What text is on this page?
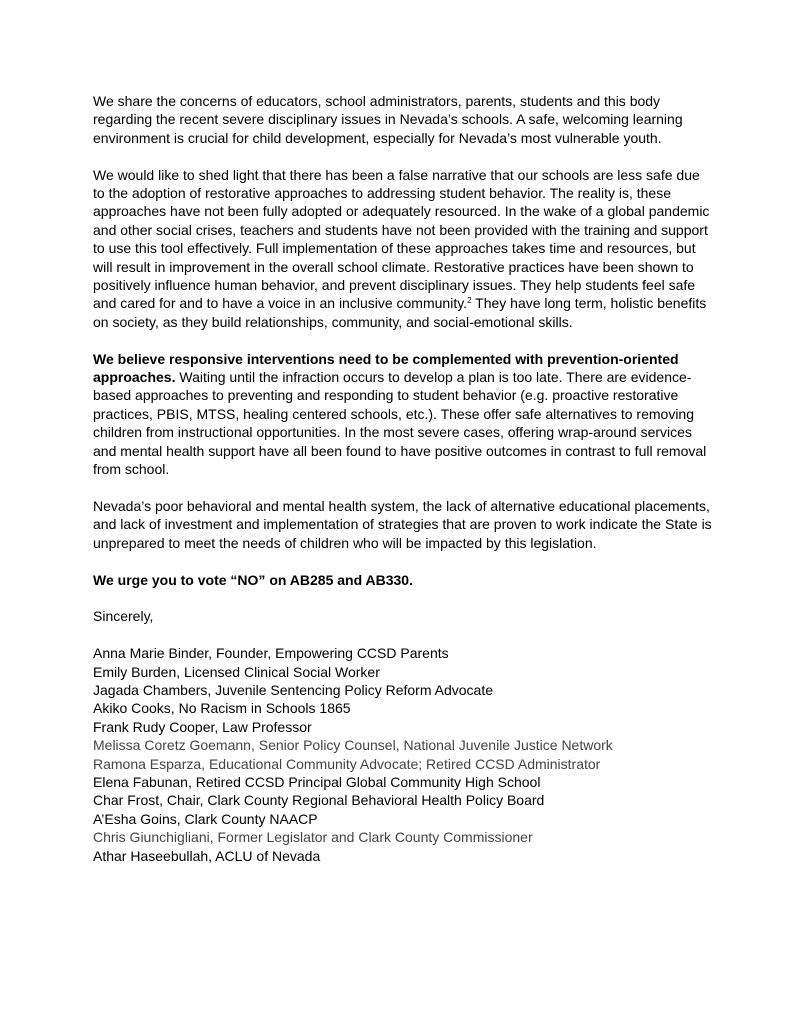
We share the concerns of educators, school administrators, parents, students and this body regarding the recent severe disciplinary issues in Nevada’s schools. A safe, welcoming learning environment is crucial for child development, especially for Nevada’s most vulnerable youth.

We would like to shed light that there has been a false narrative that our schools are less safe due to the adoption of restorative approaches to addressing student behavior. The reality is, these approaches have not been fully adopted or adequately resourced. In the wake of a global pandemic and other social crises, teachers and students have not been provided with the training and support to use this tool effectively. Full implementation of these approaches takes time and resources, but will result in improvement in the overall school climate. Restorative practices have been shown to positively influence human behavior, and prevent disciplinary issues. They help students feel safe and cared for and to have a voice in an inclusive community.$^2$ They have long term, holistic benefits on society, as they build relationships, community, and social-emotional skills.

We believe responsive interventions need to be complemented with prevention-oriented approaches. Waiting until the infraction occurs to develop a plan is too late. There are evidence-based approaches to preventing and responding to student behavior (e.g. proactive restorative practices, PBIS, MTSS, healing centered schools, etc.). These offer safe alternatives to removing children from instructional opportunities. In the most severe cases, offering wrap-around services and mental health support have all been found to have positive outcomes in contrast to full removal from school.

Nevada’s poor behavioral and mental health system, the lack of alternative educational placements, and lack of investment and implementation of strategies that are proven to work indicate the State is unprepared to meet the needs of children who will be impacted by this legislation.

We urge you to vote “NO” on AB285 and AB330.

Sincerely,

Anna Marie Binder, Founder, Empowering CCSD Parents
Emily Burden, Licensed Clinical Social Worker
Jagada Chambers, Juvenile Sentencing Policy Reform Advocate
Akiko Cooks, No Racism in Schools 1865
Frank Rudy Cooper, Law Professor
Melissa Coretz Goemann, Senior Policy Counsel, National Juvenile Justice Network
Ramona Esparza, Educational Community Advocate; Retired CCSD Administrator
Elena Fabunan, Retired CCSD Principal Global Community High School
Char Frost, Chair, Clark County Regional Behavioral Health Policy Board
A’Esha Goins, Clark County NAACP
Chris Giunchigliani, Former Legislator and Clark County Commissioner
Athar Haseebullah, ACLU of Nevada
